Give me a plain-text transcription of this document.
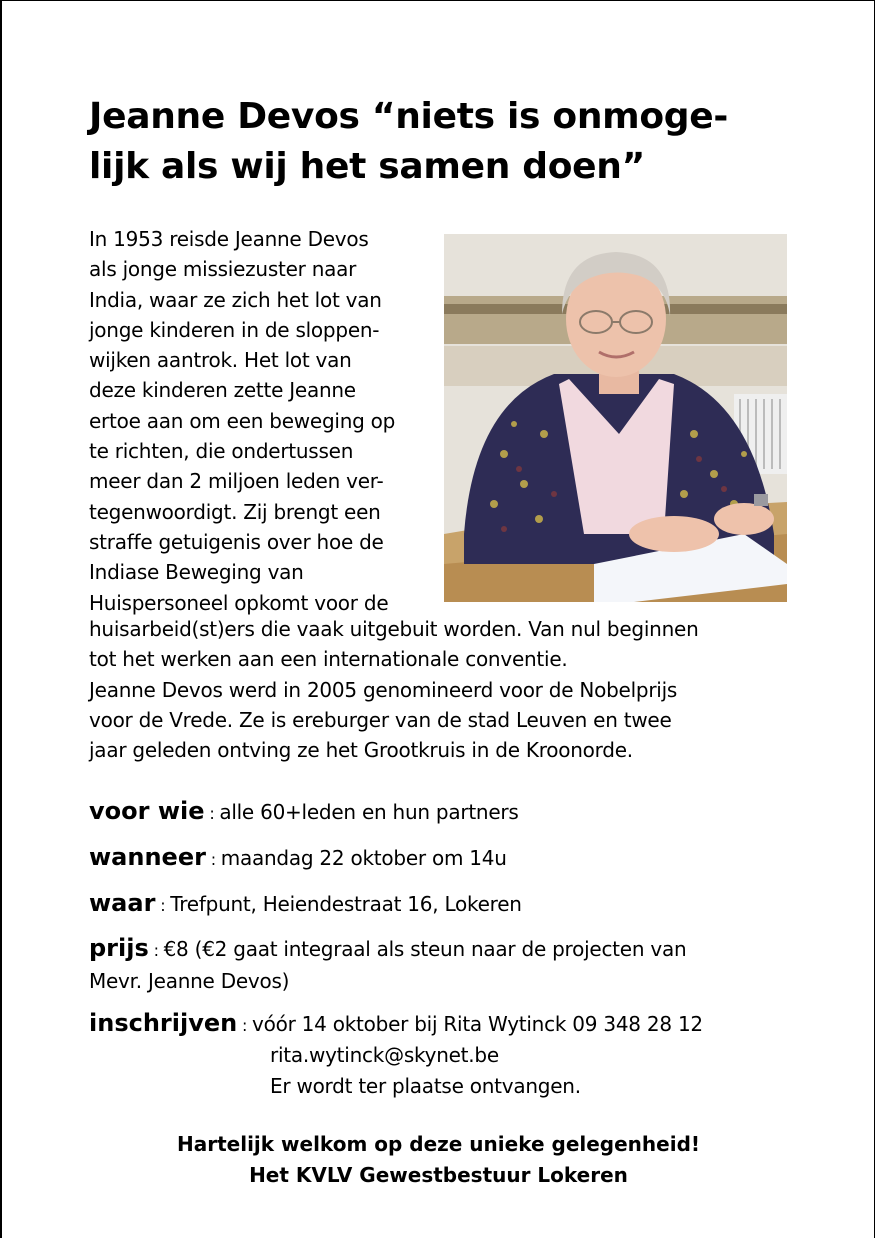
Jeanne Devos “niets is onmoge-
lijk als wij het samen doen”
In 1953 reisde Jeanne Devos
als jonge missiezuster naar
India, waar ze zich het lot van
jonge kinderen in de sloppen-
wijken aantrok. Het lot van
deze kinderen zette Jeanne
ertoe aan om een beweging op
te richten, die ondertussen
meer dan 2 miljoen leden ver-
tegenwoordigt. Zij brengt een
straffe getuigenis over hoe de
Indiase Beweging van
Huispersoneel opkomt voor de
huisarbeid(st)ers die vaak uitgebuit worden. Van nul beginnen
tot het werken aan een internationale conventie.
Jeanne Devos werd in 2005 genomineerd voor de Nobelprijs
voor de Vrede. Ze is ereburger van de stad Leuven en twee
jaar geleden ontving ze het Grootkruis in de Kroonorde.
voor wie : alle 60+leden en hun partners
wanneer : maandag 22 oktober om 14u
waar : Trefpunt, Heiendestraat 16, Lokeren
prijs : €8 (€2 gaat integraal als steun naar de projecten van
Mevr. Jeanne Devos)
inschrijven : vóór 14 oktober bij Rita Wytinck 09 348 28 12
rita.wytinck@skynet.be
Er wordt ter plaatse ontvangen.

Hartelijk welkom op deze unieke gelegenheid!

Het KVLV Gewestbestuur Lokeren
